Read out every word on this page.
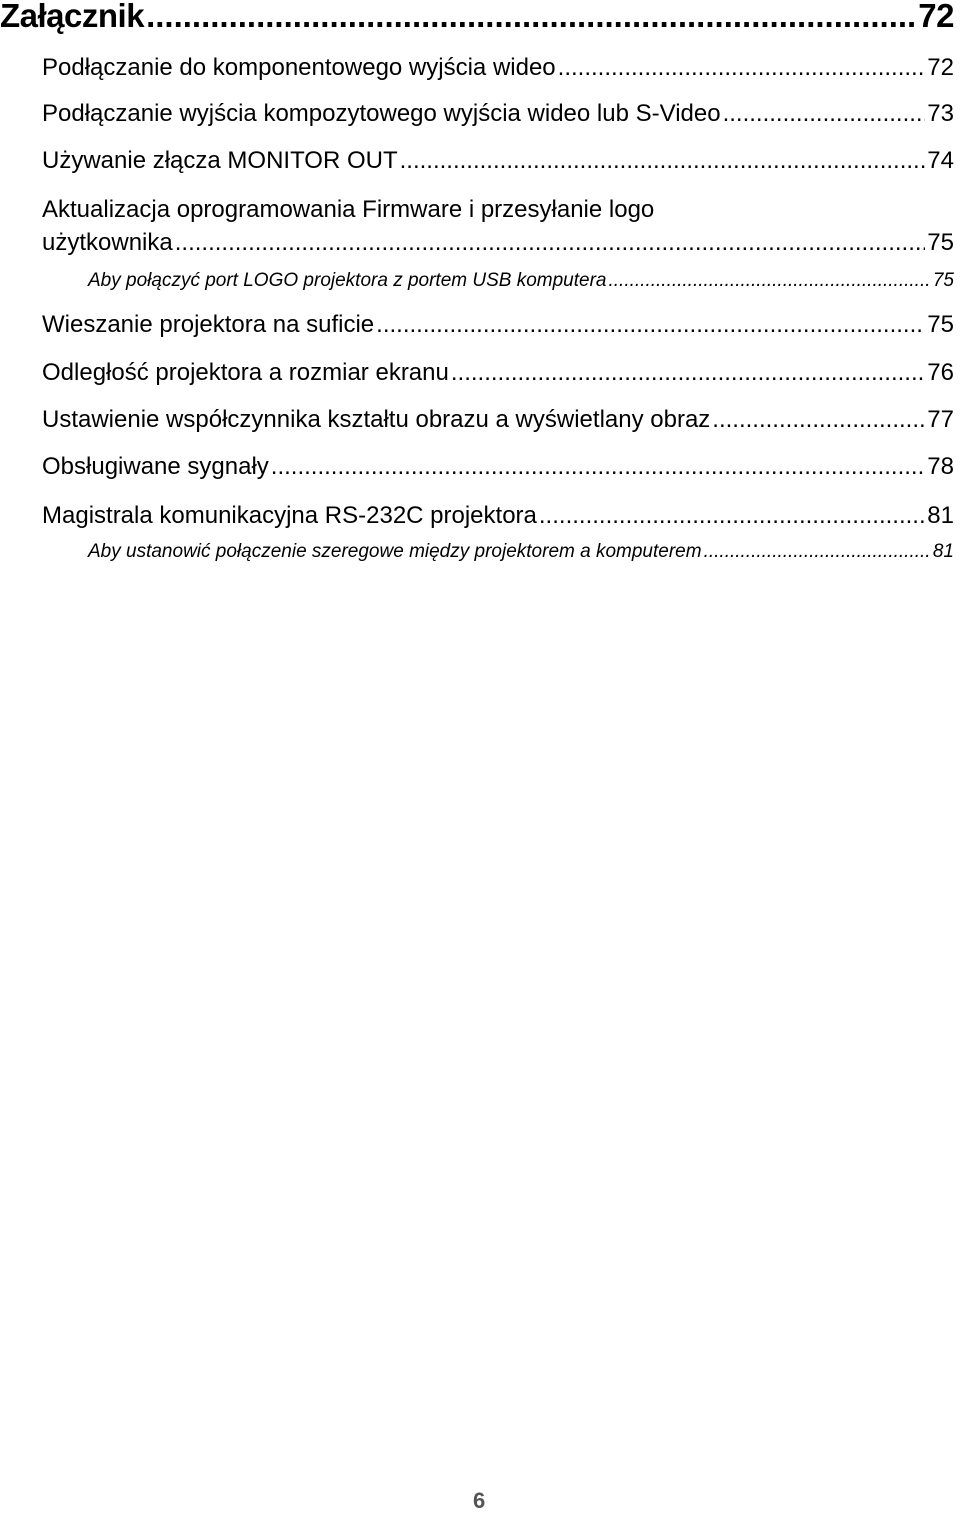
Załącznik .....	72
Podłączanie do komponentowego wyjścia wideo .....	72
Podłączanie wyjścia kompozytowego wyjścia wideo lub S-Video .....	73
Używanie złącza MONITOR OUT .....	74
Aktualizacja oprogramowania Firmware i przesyłanie logo
użytkownika .....	75
Aby połączyć port LOGO projektora z portem USB komputera .....	75
Wieszanie projektora na suficie .....	75
Odległość projektora a rozmiar ekranu .....	76
Ustawienie współczynnika kształtu obrazu a wyświetlany obraz .....	77
Obsługiwane sygnały .....	78
Magistrala komunikacyjna RS-232C projektora .....	81
Aby ustanowić połączenie szeregowe między projektorem a komputerem .....	81
6
